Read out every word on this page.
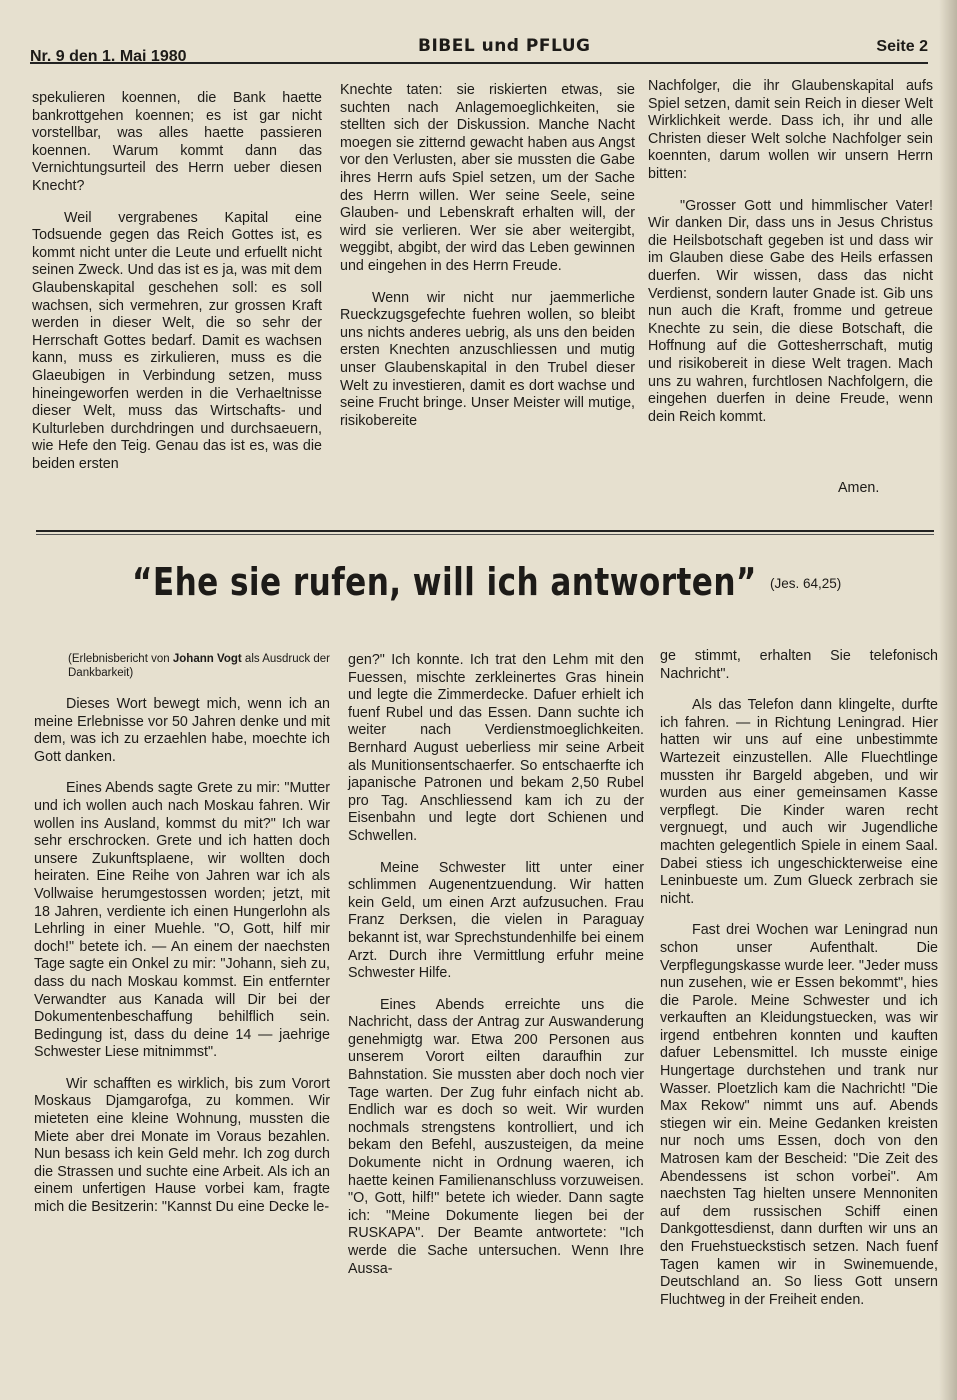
Nr. 9 den 1. Mai 1980
BIBEL und PFLUG	Seite 2

spekulieren koennen, die Bank haette bankrottgehen koennen; es ist gar nicht vorstellbar, was alles haette passieren koennen. Warum kommt dann das Vernichtungsurteil des Herrn ueber diesen Knecht?

Weil vergrabenes Kapital eine Todsuende gegen das Reich Gottes ist, es kommt nicht unter die Leute und erfuellt nicht seinen Zweck. Und das ist es ja, was mit dem Glaubenskapital geschehen soll: es soll wachsen, sich vermehren, zur grossen Kraft werden in dieser Welt, die so sehr der Herrschaft Gottes bedarf. Damit es wachsen kann, muss es zirkulieren, muss es die Glaeubigen in Verbindung setzen, muss hineingeworfen werden in die Verhaeltnisse dieser Welt, muss das Wirtschafts- und Kulturleben durchdringen und durchsaeuern, wie Hefe den Teig. Genau das ist es, was die beiden ersten

Knechte taten: sie riskierten etwas, sie suchten nach Anlagemoeglichkeiten, sie stellten sich der Diskussion. Manche Nacht moegen sie zitternd gewacht haben aus Angst vor den Verlusten, aber sie mussten die Gabe ihres Herrn aufs Spiel setzen, um der Sache des Herrn willen. Wer seine Seele, seine Glauben- und Lebenskraft erhalten will, der wird sie verlieren. Wer sie aber weitergibt, weggibt, abgibt, der wird das Leben gewinnen und eingehen in des Herrn Freude.

Wenn wir nicht nur jaemmerliche Rueckzugsgefechte fuehren wollen, so bleibt uns nichts anderes uebrig, als uns den beiden ersten Knechten anzuschliessen und mutig unser Glaubenskapital in den Trubel dieser Welt zu investieren, damit es dort wachse und seine Frucht bringe. Unser Meister will mutige, risikobereite

Nachfolger, die ihr Glaubenskapital aufs Spiel setzen, damit sein Reich in dieser Welt Wirklichkeit werde. Dass ich, ihr und alle Christen dieser Welt solche Nachfolger sein koennten, darum wollen wir unsern Herrn bitten:

"Grosser Gott und himmlischer Vater! Wir danken Dir, dass uns in Jesus Christus die Heilsbotschaft gegeben ist und dass wir im Glauben diese Gabe des Heils erfassen duerfen. Wir wissen, dass das nicht Verdienst, sondern lauter Gnade ist. Gib uns nun auch die Kraft, fromme und getreue Knechte zu sein, die diese Botschaft, die Hoffnung auf die Gottesherrschaft, mutig und risikobereit in diese Welt tragen. Mach uns zu wahren, furchtlosen Nachfolgern, die eingehen duerfen in deine Freude, wenn dein Reich kommt.

Amen.
“Ehe sie rufen, will ich antworten” (Jes. 64,25)
(Erlebnisbericht von Johann Vogt als Ausdruck der Dankbarkeit)

Dieses Wort bewegt mich, wenn ich an meine Erlebnisse vor 50 Jahren denke und mit dem, was ich zu erzaehlen habe, moechte ich Gott danken.

Eines Abends sagte Grete zu mir: "Mutter und ich wollen auch nach Moskau fahren. Wir wollen ins Ausland, kommst du mit?" Ich war sehr erschrocken. Grete und ich hatten doch unsere Zukunftsplaene, wir wollten doch heiraten. Eine Reihe von Jahren war ich als Vollwaise herumgestossen worden; jetzt, mit 18 Jahren, verdiente ich einen Hungerlohn als Lehrling in einer Muehle. "O, Gott, hilf mir doch!" betete ich. — An einem der naechsten Tage sagte ein Onkel zu mir: "Johann, sieh zu, dass du nach Moskau kommst. Ein entfernter Verwandter aus Kanada will Dir bei der Dokumentenbeschaffung behilflich sein. Bedingung ist, dass du deine 14 — jaehrige Schwester Liese mitnimmst".

Wir schafften es wirklich, bis zum Vorort Moskaus Djamgarofga, zu kommen. Wir mieteten eine kleine Wohnung, mussten die Miete aber drei Monate im Voraus bezahlen. Nun besass ich kein Geld mehr. Ich zog durch die Strassen und suchte eine Arbeit. Als ich an einem unfertigen Hause vorbei kam, fragte mich die Besitzerin: "Kannst Du eine Decke le-

gen?" Ich konnte. Ich trat den Lehm mit den Fuessen, mischte zerkleinertes Gras hinein und legte die Zimmerdecke. Dafuer erhielt ich fuenf Rubel und das Essen. Dann suchte ich weiter nach Verdienstmoeglichkeiten. Bernhard August ueberliess mir seine Arbeit als Munitionsentschaerfer. So entschaerfte ich japanische Patronen und bekam 2,50 Rubel pro Tag. Anschliessend kam ich zu der Eisenbahn und legte dort Schienen und Schwellen.

Meine Schwester litt unter einer schlimmen Augenentzuendung. Wir hatten kein Geld, um einen Arzt aufzusuchen. Frau Franz Derksen, die vielen in Paraguay bekannt ist, war Sprechstundenhilfe bei einem Arzt. Durch ihre Vermittlung erfuhr meine Schwester Hilfe.

Eines Abends erreichte uns die Nachricht, dass der Antrag zur Auswanderung genehmigtg war. Etwa 200 Personen aus unserem Vorort eilten daraufhin zur Bahnstation. Sie mussten aber doch noch vier Tage warten. Der Zug fuhr einfach nicht ab. Endlich war es doch so weit. Wir wurden nochmals strengstens kontrolliert, und ich bekam den Befehl, auszusteigen, da meine Dokumente nicht in Ordnung waeren, ich haette keinen Familienanschluss vorzuweisen. "O, Gott, hilf!" betete ich wieder. Dann sagte ich: "Meine Dokumente liegen bei der RUSKAPA". Der Beamte antwortete: "Ich werde die Sache untersuchen. Wenn Ihre Aussa-

ge stimmt, erhalten Sie telefonisch Nachricht".

Als das Telefon dann klingelte, durfte ich fahren. — in Richtung Leningrad. Hier hatten wir uns auf eine unbestimmte Wartezeit einzustellen. Alle Fluechtlinge mussten ihr Bargeld abgeben, und wir wurden aus einer gemeinsamen Kasse verpflegt. Die Kinder waren recht vergnuegt, und auch wir Jugendliche machten gelegentlich Spiele in einem Saal. Dabei stiess ich ungeschickterweise eine Leninbueste um. Zum Glueck zerbrach sie nicht.

Fast drei Wochen war Leningrad nun schon unser Aufenthalt. Die Verpflegungskasse wurde leer. "Jeder muss nun zusehen, wie er Essen bekommt", hies die Parole. Meine Schwester und ich verkauften an Kleidungstuecken, was wir irgend entbehren konnten und kauften dafuer Lebensmittel. Ich musste einige Hungertage durchstehen und trank nur Wasser. Ploetzlich kam die Nachricht! "Die Max Rekow" nimmt uns auf. Abends stiegen wir ein. Meine Gedanken kreisten nur noch ums Essen, doch von den Matrosen kam der Bescheid: "Die Zeit des Abendessens ist schon vorbei". Am naechsten Tag hielten unsere Mennoniten auf dem russischen Schiff einen Dankgottesdienst, dann durften wir uns an den Fruehstueckstisch setzen. Nach fuenf Tagen kamen wir in Swinemuende, Deutschland an. So liess Gott unsern Fluchtweg in der Freiheit enden.
